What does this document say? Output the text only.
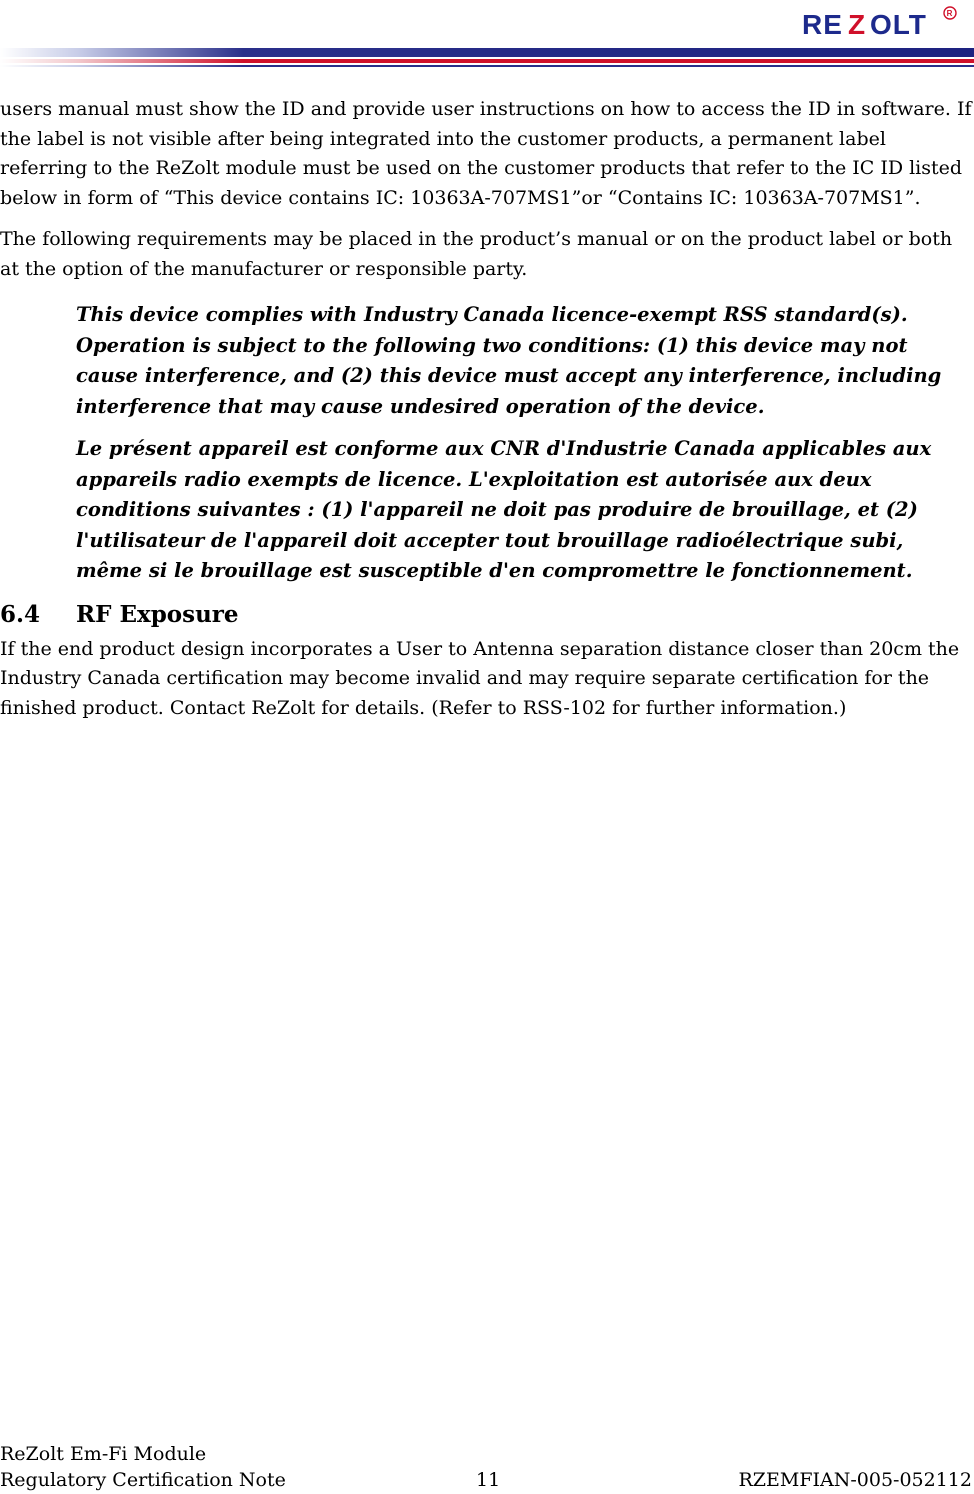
RE Z OLT R

users manual must show the ID and provide user instructions on how to access the ID in software. If the label is not visible after being integrated into the customer products, a permanent label referring to the ReZolt module must be used on the customer products that refer to the IC ID listed below in form of “This device contains IC: 10363A-707MS1”or “Contains IC: 10363A-707MS1”.

The following requirements may be placed in the product’s manual or on the product label or both at the option of the manufacturer or responsible party.

This device complies with Industry Canada licence-exempt RSS standard(s). Operation is subject to the following two conditions: (1) this device may not cause interference, and (2) this device must accept any interference, including interference that may cause undesired operation of the device.

Le présent appareil est conforme aux CNR d'Industrie Canada applicables aux appareils radio exempts de licence. L'exploitation est autorisée aux deux conditions suivantes : (1) l'appareil ne doit pas produire de brouillage, et (2) l'utilisateur de l'appareil doit accepter tout brouillage radioélectrique subi, même si le brouillage est susceptible d'en compromettre le fonctionnement.

6.4 RF Exposure

If the end product design incorporates a User to Antenna separation distance closer than 20cm the Industry Canada certification may become invalid and may require separate certification for the finished product. Contact ReZolt for details. (Refer to RSS-102 for further information.)

ReZolt Em-Fi Module
Regulatory Certification Note	11	RZEMFIAN-005-052112
